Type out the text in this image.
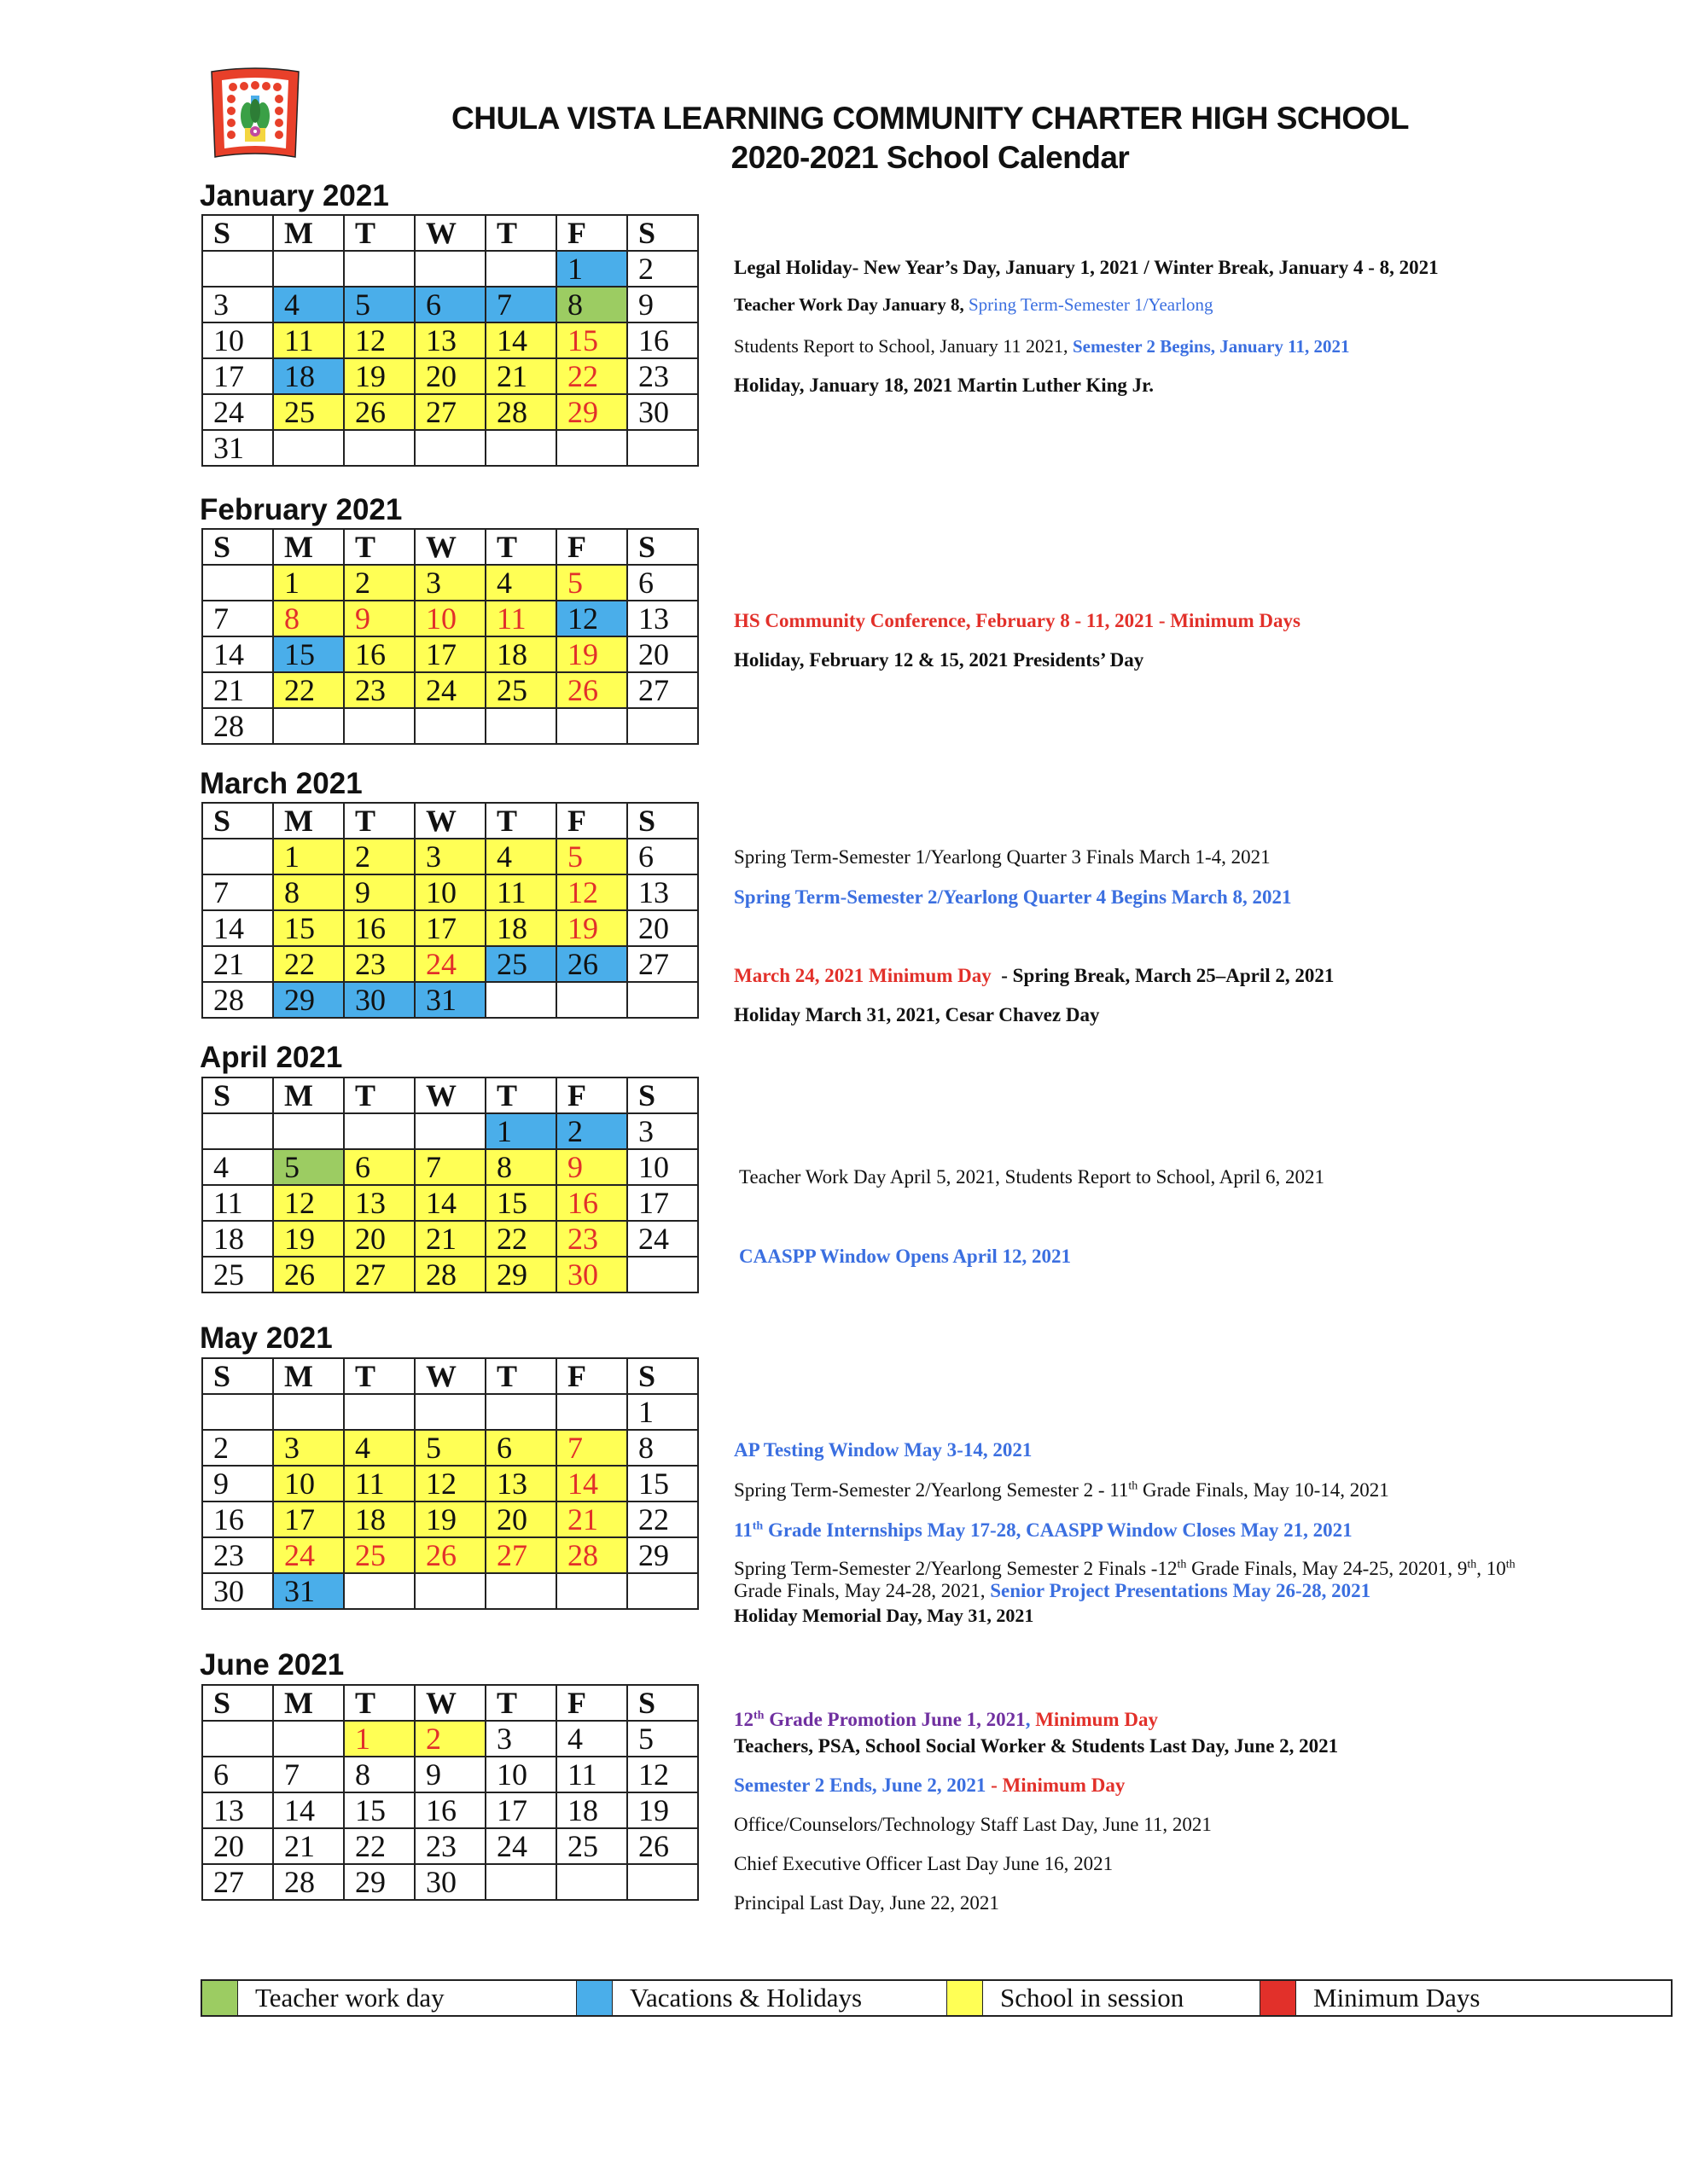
CHULA VISTA LEARNING COMMUNITY CHARTER HIGH SCHOOL
2020-2021 School Calendar
January 2021
February 2021
March 2021
April 2021
May 2021
June 2021
S	M	T	W	T	F	S
					1	2
3	4	5	6	7	8	9
10	11	12	13	14	15	16
17	18	19	20	21	22	23
24	25	26	27	28	29	30
31						
S	M	T	W	T	F	S
	1	2	3	4	5	6
7	8	9	10	11	12	13
14	15	16	17	18	19	20
21	22	23	24	25	26	27
28						
S	M	T	W	T	F	S
	1	2	3	4	5	6
7	8	9	10	11	12	13
14	15	16	17	18	19	20
21	22	23	24	25	26	27
28	29	30	31			
S	M	T	W	T	F	S
				1	2	3
4	5	6	7	8	9	10
11	12	13	14	15	16	17
18	19	20	21	22	23	24
25	26	27	28	29	30	
S	M	T	W	T	F	S
						1
2	3	4	5	6	7	8
9	10	11	12	13	14	15
16	17	18	19	20	21	22
23	24	25	26	27	28	29
30	31					
S	M	T	W	T	F	S
		1	2	3	4	5
6	7	8	9	10	11	12
13	14	15	16	17	18	19
20	21	22	23	24	25	26
27	28	29	30			
Legal Holiday- New Year’s Day, January 1, 2021 / Winter Break, January 4 - 8, 2021
Teacher Work Day January 8, Spring Term-Semester 1/Yearlong
Students Report to School, January 11 2021, Semester 2 Begins, January 11, 2021
Holiday, January 18, 2021 Martin Luther King Jr.
HS Community Conference, February 8 - 11, 2021 - Minimum Days
Holiday, February 12 & 15, 2021 Presidents’ Day
Spring Term-Semester 1/Yearlong Quarter 3 Finals March 1-4, 2021
Spring Term-Semester 2/Yearlong Quarter 4 Begins March 8, 2021
March 24, 2021 Minimum Day  - Spring Break, March 25–April 2, 2021
Holiday March 31, 2021, Cesar Chavez Day
Teacher Work Day April 5, 2021, Students Report to School, April 6, 2021
CAASPP Window Opens April 12, 2021
AP Testing Window May 3-14, 2021
Spring Term-Semester 2/Yearlong Semester 2 - 11th Grade Finals, May 10-14, 2021
11th Grade Internships May 17-28, CAASPP Window Closes May 21, 2021
Spring Term-Semester 2/Yearlong Semester 2 Finals -12th Grade Finals, May 24-25, 20201, 9th, 10th
Grade Finals, May 24-28, 2021, Senior Project Presentations May 26-28, 2021
Holiday Memorial Day, May 31, 2021
12th Grade Promotion June 1, 2021, Minimum Day
Teachers, PSA, School Social Worker & Students Last Day, June 2, 2021
Semester 2 Ends, June 2, 2021 - Minimum Day
Office/Counselors/Technology Staff Last Day, June 11, 2021
Chief Executive Officer Last Day June 16, 2021
Principal Last Day, June 22, 2021
Teacher work day	Vacations & Holidays	School in session	Minimum Days
